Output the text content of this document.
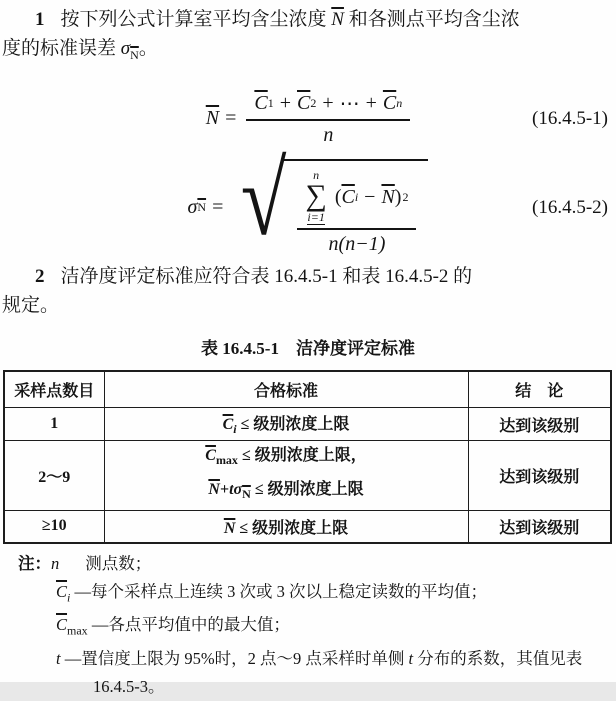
1 按下列公式计算室平均含尘浓度 $\overline{N}$ 和各测点平均含尘浓
度的标准误差 $\sigma_{\overline{N}}$。
$\overline{N}$ =
$\overline{C}$ $1 + \overline{C}$ 2 + ⋯ + $\overline{C}$ n
n
(16.4.5-1)
σ $\overline{N}$ = √ n
∑
i=1
( $\overline{C}$ $i - \overline{N}$ ) 2
n(n−1)
(16.4.5-2)
2 洁净度评定标准应符合表 16.4.5-1 和表 16.4.5-2 的
规定。
表 16.4.5-1　洁净度评定标准
采样点数目	合格标准	结　论
1	$\overline{C}_i$ ≤ 级别浓度上限	达到该级别
2～9	$\overline{C}_{max}$ ≤ 级别浓度上限，
$\overline{N}+t\sigma_{\overline{N}}$ ≤ 级别浓度上限	达到该级别
≥10	$\overline{N}$ ≤ 级别浓度上限	达到该级别
注：n 测点数；
$\overline{C}_i$ —每个采样点上连续 3 次或 3 次以上稳定读数的平均值；
$\overline{C}_{max}$ —各点平均值中的最大值；
t —置信度上限为 95%时，2 点～9 点采样时单侧 t 分布的系数，其值见表
16.4.5-3。
